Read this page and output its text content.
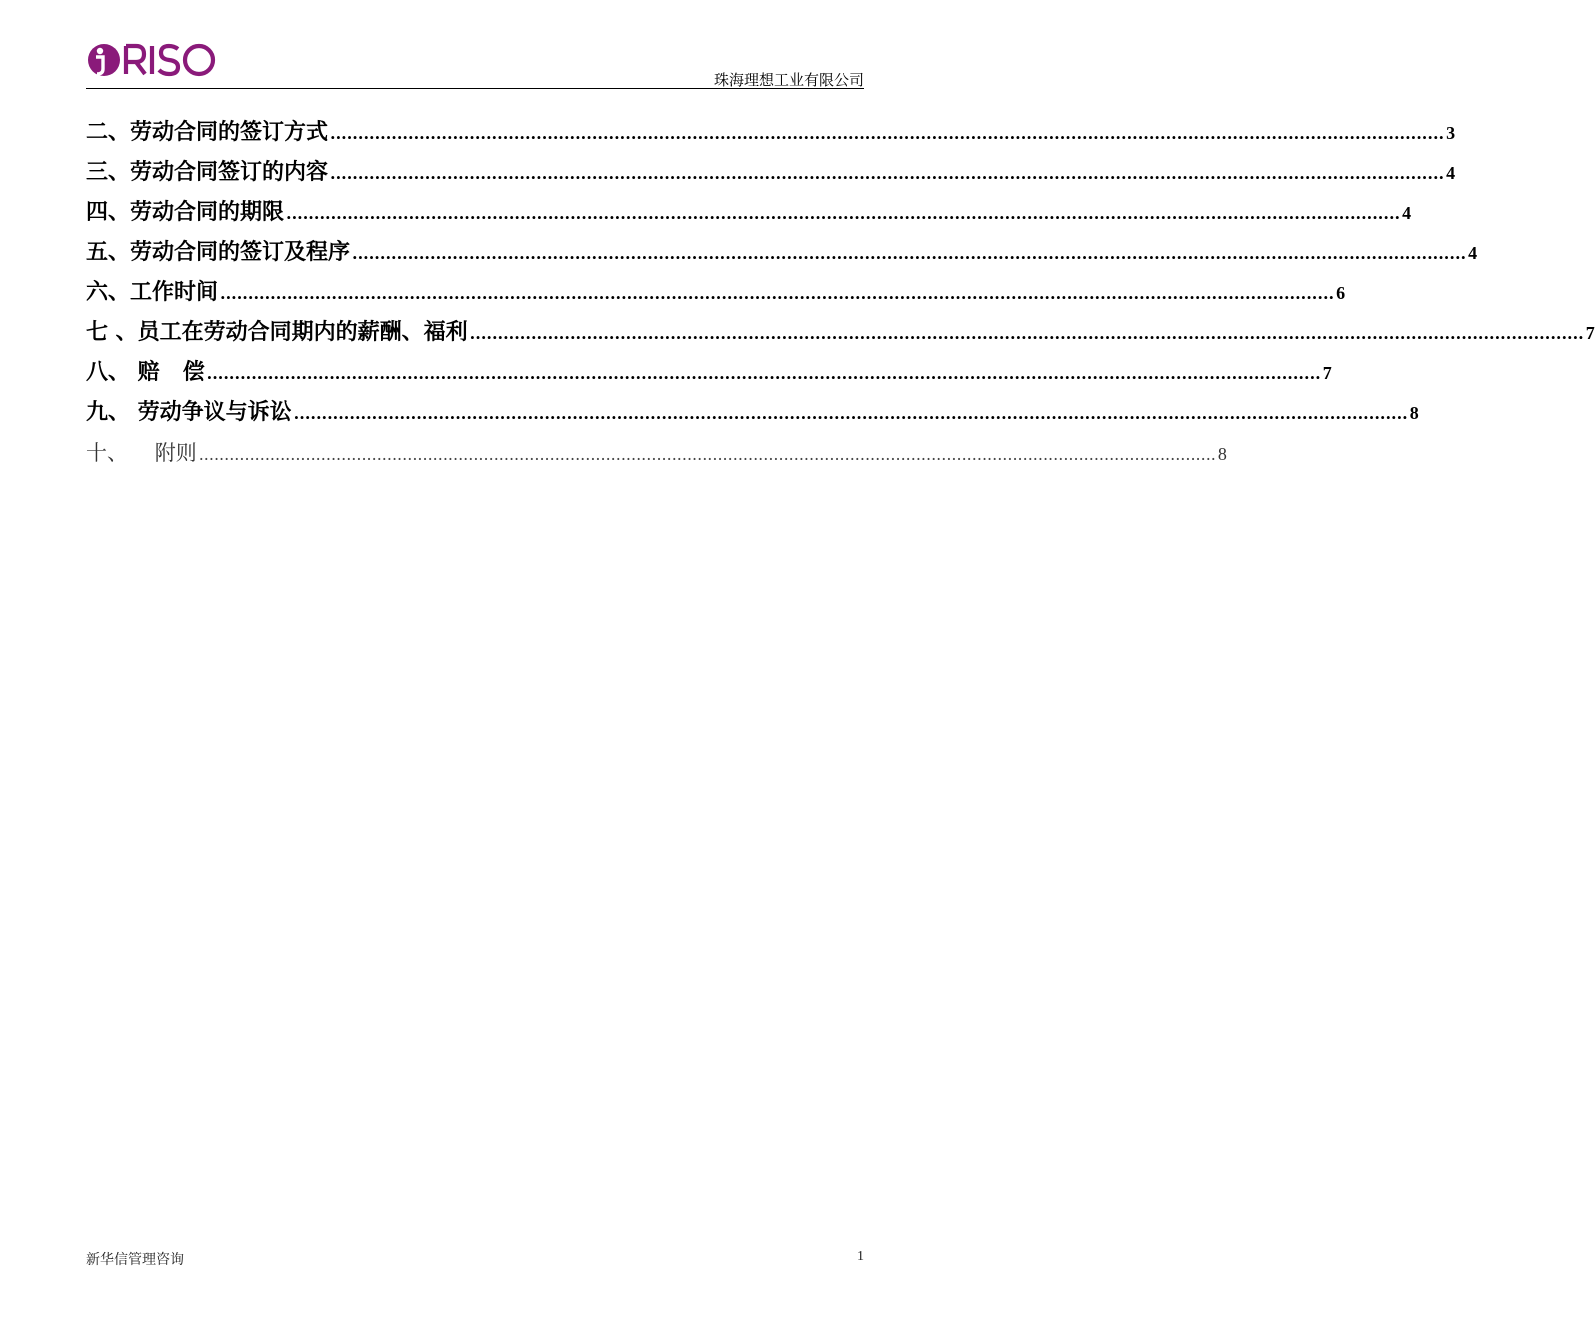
珠海理想工业有限公司
二、劳动合同的签订方式 ........................................................................................................................................................................................................ 3
三、劳动合同签订的内容 ........................................................................................................................................................................................................ 4
四、劳动合同的期限 ........................................................................................................................................................................................................ 4
五、劳动合同的签订及程序 ........................................................................................................................................................................................................ 4
六、工作时间 ........................................................................................................................................................................................................ 6
七 、员工在劳动合同期内的薪酬、福利 ........................................................................................................................................................................................................ 7
八、 赔   偿 ........................................................................................................................................................................................................ 7
九、 劳动争议与诉讼 ........................................................................................................................................................................................................ 8
十、    附则 ........................................................................................................................................................................................................ 8
新华信管理咨询	1
